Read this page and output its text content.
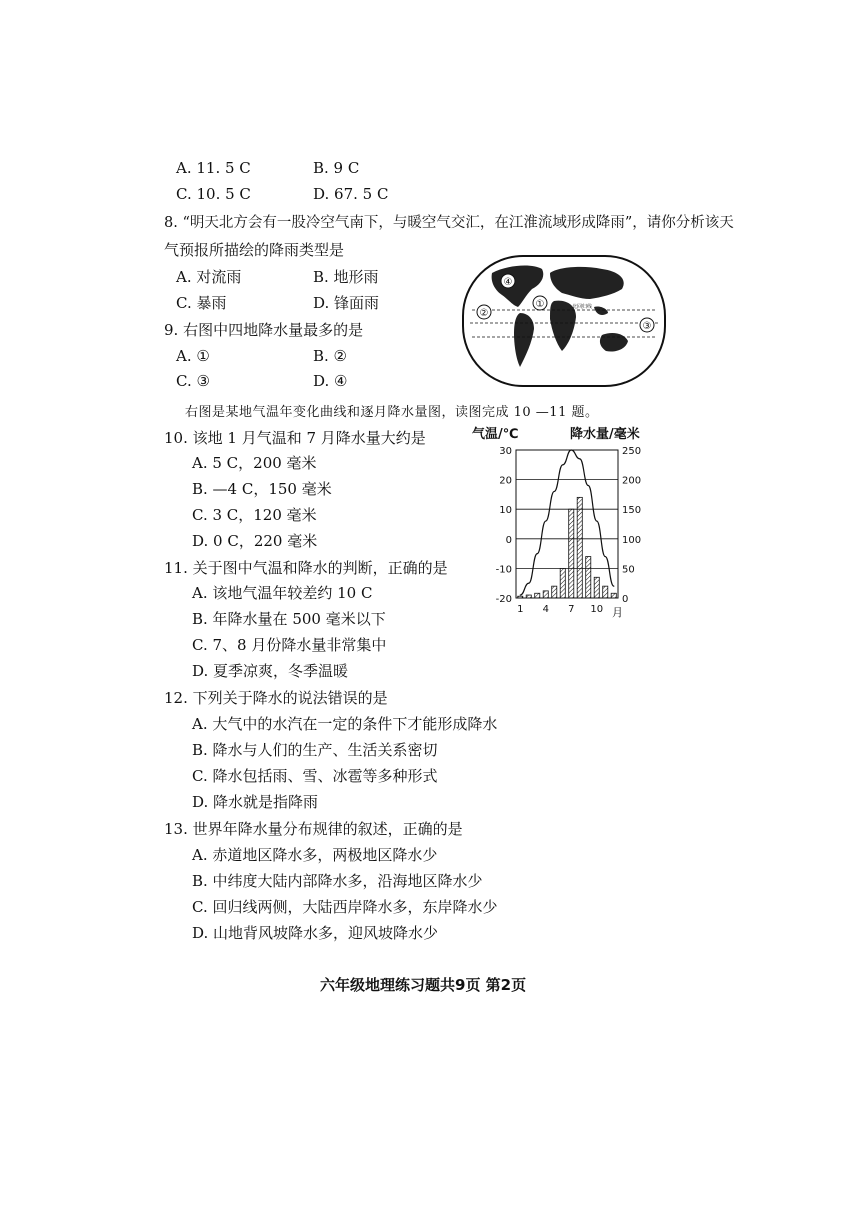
A. 11. 5 C	B. 9 C
C. 10. 5 C	D. 67. 5 C
8. “明天北方会有一股冷空气南下，与暖空气交汇，在江淮流域形成降雨”，请你分析该天
气预报所描绘的降雨类型是
A. 对流雨	B. 地形雨
C. 暴雨	D. 锋面雨
9. 右图中四地降水量最多的是
A. ①	B. ②
C. ③	D. ④
①
②
③
④
北回归线
右图是某地气温年变化曲线和逐月降水量图，读图完成 10 —11 题。
10. 该地 1 月气温和 7 月降水量大约是
A. 5 C，200 毫米
B. —4 C，150 毫米
C. 3 C，120 毫米
D. 0 C，220 毫米
11. 关于图中气温和降水的判断，正确的是
A. 该地气温年较差约 10 C
B. 年降水量在 500 毫米以下
C. 7、8 月份降水量非常集中
D. 夏季凉爽，冬季温暖
气温/℃	降水量/毫米
月
30
20
10
0
-10
-20
250
200
150
100
50
0
1 4 7 10
12. 下列关于降水的说法错误的是
A. 大气中的水汽在一定的条件下才能形成降水
B. 降水与人们的生产、生活关系密切
C. 降水包括雨、雪、冰雹等多种形式
D. 降水就是指降雨
13. 世界年降水量分布规律的叙述，正确的是
A. 赤道地区降水多，两极地区降水少
B. 中纬度大陆内部降水多，沿海地区降水少
C. 回归线两侧，大陆西岸降水多，东岸降水少
D. 山地背风坡降水多，迎风坡降水少
六年级地理练习题共9页 第2页
